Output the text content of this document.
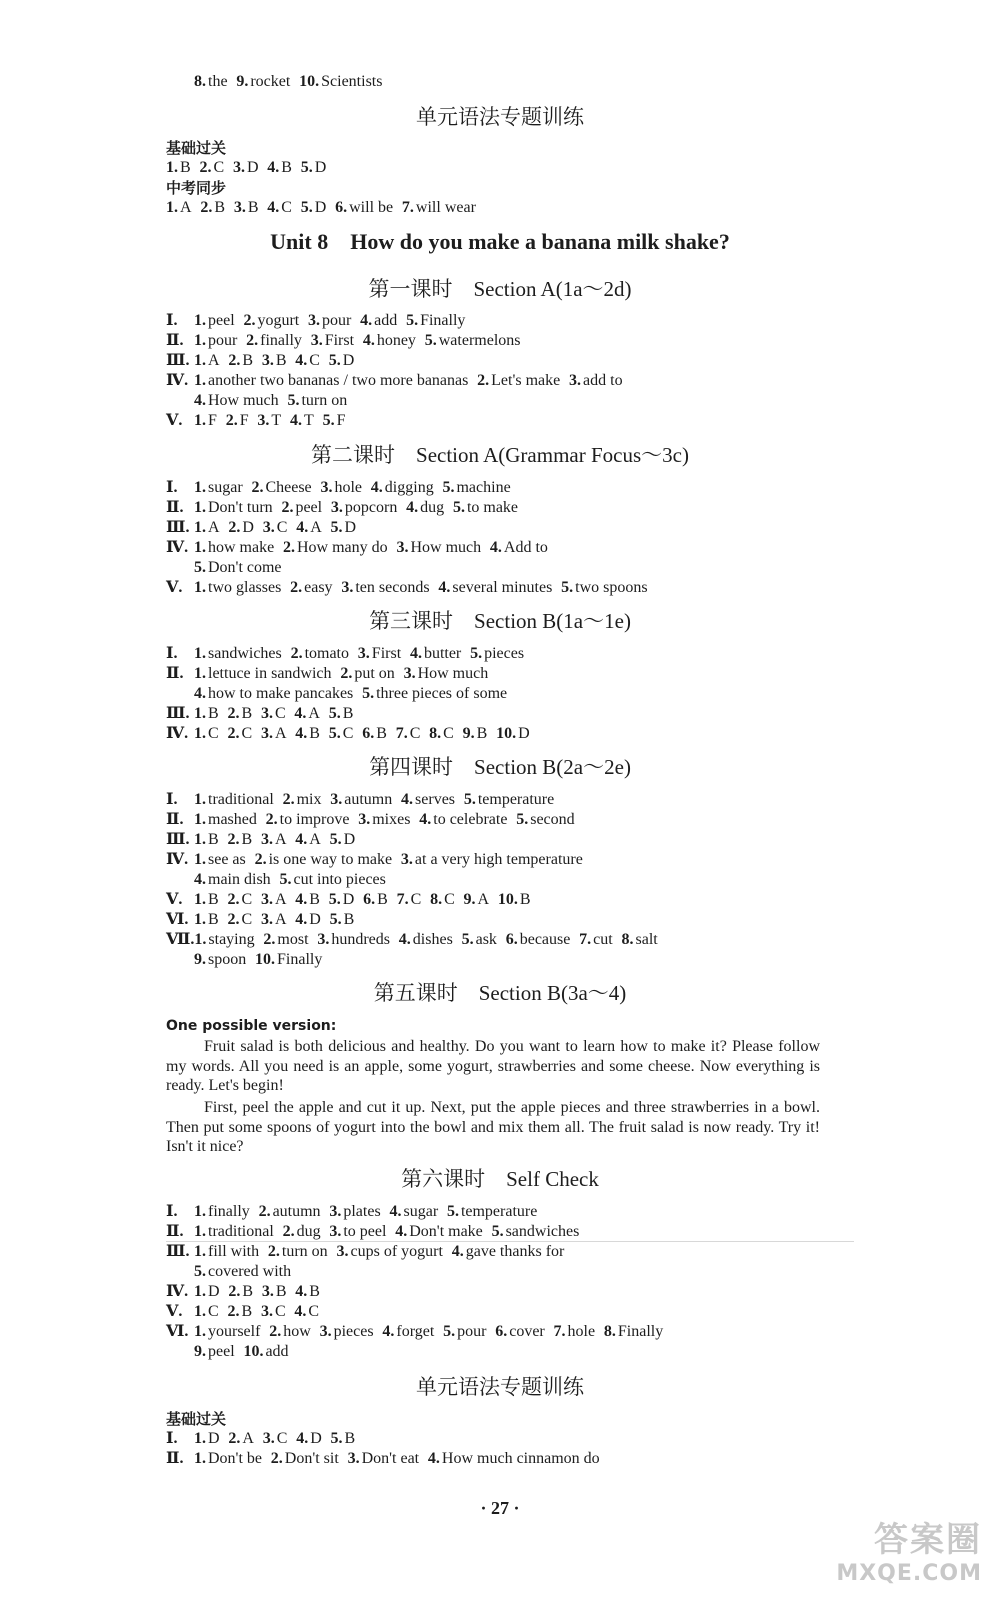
8. the 9. rocket 10. Scientists
单元语法专题训练
基础过关
1. B 2. C 3. D 4. B 5. D
中考同步
1. A 2. B 3. B 4. C 5. D 6. will be 7. will wear
Unit 8　How do you make a banana milk shake?
第一课时　Section A(1a～2d)
Ⅰ. 1. peel 2. yogurt 3. pour 4. add 5. Finally
Ⅱ. 1. pour 2. finally 3. First 4. honey 5. watermelons
Ⅲ. 1. A 2. B 3. B 4. C 5. D
Ⅳ. 1. another two bananas / two more bananas 2. Let's make 3. add to
4. How much 5. turn on
Ⅴ. 1. F 2. F 3. T 4. T 5. F
第二课时　Section A(Grammar Focus～3c)
Ⅰ. 1. sugar 2. Cheese 3. hole 4. digging 5. machine
Ⅱ. 1. Don't turn 2. peel 3. popcorn 4. dug 5. to make
Ⅲ. 1. A 2. D 3. C 4. A 5. D
Ⅳ. 1. how make 2. How many do 3. How much 4. Add to
5. Don't come
Ⅴ. 1. two glasses 2. easy 3. ten seconds 4. several minutes 5. two spoons
第三课时　Section B(1a～1e)
Ⅰ. 1. sandwiches 2. tomato 3. First 4. butter 5. pieces
Ⅱ. 1. lettuce in sandwich 2. put on 3. How much
4. how to make pancakes 5. three pieces of some
Ⅲ. 1. B 2. B 3. C 4. A 5. B
Ⅳ. 1. C 2. C 3. A 4. B 5. C 6. B 7. C 8. C 9. B 10. D
第四课时　Section B(2a～2e)
Ⅰ. 1. traditional 2. mix 3. autumn 4. serves 5. temperature
Ⅱ. 1. mashed 2. to improve 3. mixes 4. to celebrate 5. second
Ⅲ. 1. B 2. B 3. A 4. A 5. D
Ⅳ. 1. see as 2. is one way to make 3. at a very high temperature
4. main dish 5. cut into pieces
Ⅴ. 1. B 2. C 3. A 4. B 5. D 6. B 7. C 8. C 9. A 10. B
Ⅵ. 1. B 2. C 3. A 4. D 5. B
Ⅶ.1. staying 2. most 3. hundreds 4. dishes 5. ask 6. because 7. cut 8. salt
9. spoon 10. Finally
第五课时　Section B(3a～4)
One possible version:
Fruit salad is both delicious and healthy. Do you want to learn how to make it? Please follow my words. All you need is an apple, some yogurt, strawberries and some cheese. Now everything is ready. Let's begin!
First, peel the apple and cut it up. Next, put the apple pieces and three strawberries in a bowl. Then put some spoons of yogurt into the bowl and mix them all. The fruit salad is now ready. Try it! Isn't it nice?
第六课时　Self Check
Ⅰ. 1. finally 2. autumn 3. plates 4. sugar 5. temperature
Ⅱ. 1. traditional 2. dug 3. to peel 4. Don't make 5. sandwiches
Ⅲ. 1. fill with 2. turn on 3. cups of yogurt 4. gave thanks for
5. covered with
Ⅳ. 1. D 2. B 3. B 4. B
Ⅴ. 1. C 2. B 3. C 4. C
Ⅵ. 1. yourself 2. how 3. pieces 4. forget 5. pour 6. cover 7. hole 8. Finally
9. peel 10. add
单元语法专题训练
基础过关
Ⅰ. 1. D 2. A 3. C 4. D 5. B
Ⅱ. 1. Don't be 2. Don't sit 3. Don't eat 4. How much cinnamon do
· 27 ·
答案圈
MXQE.COM
